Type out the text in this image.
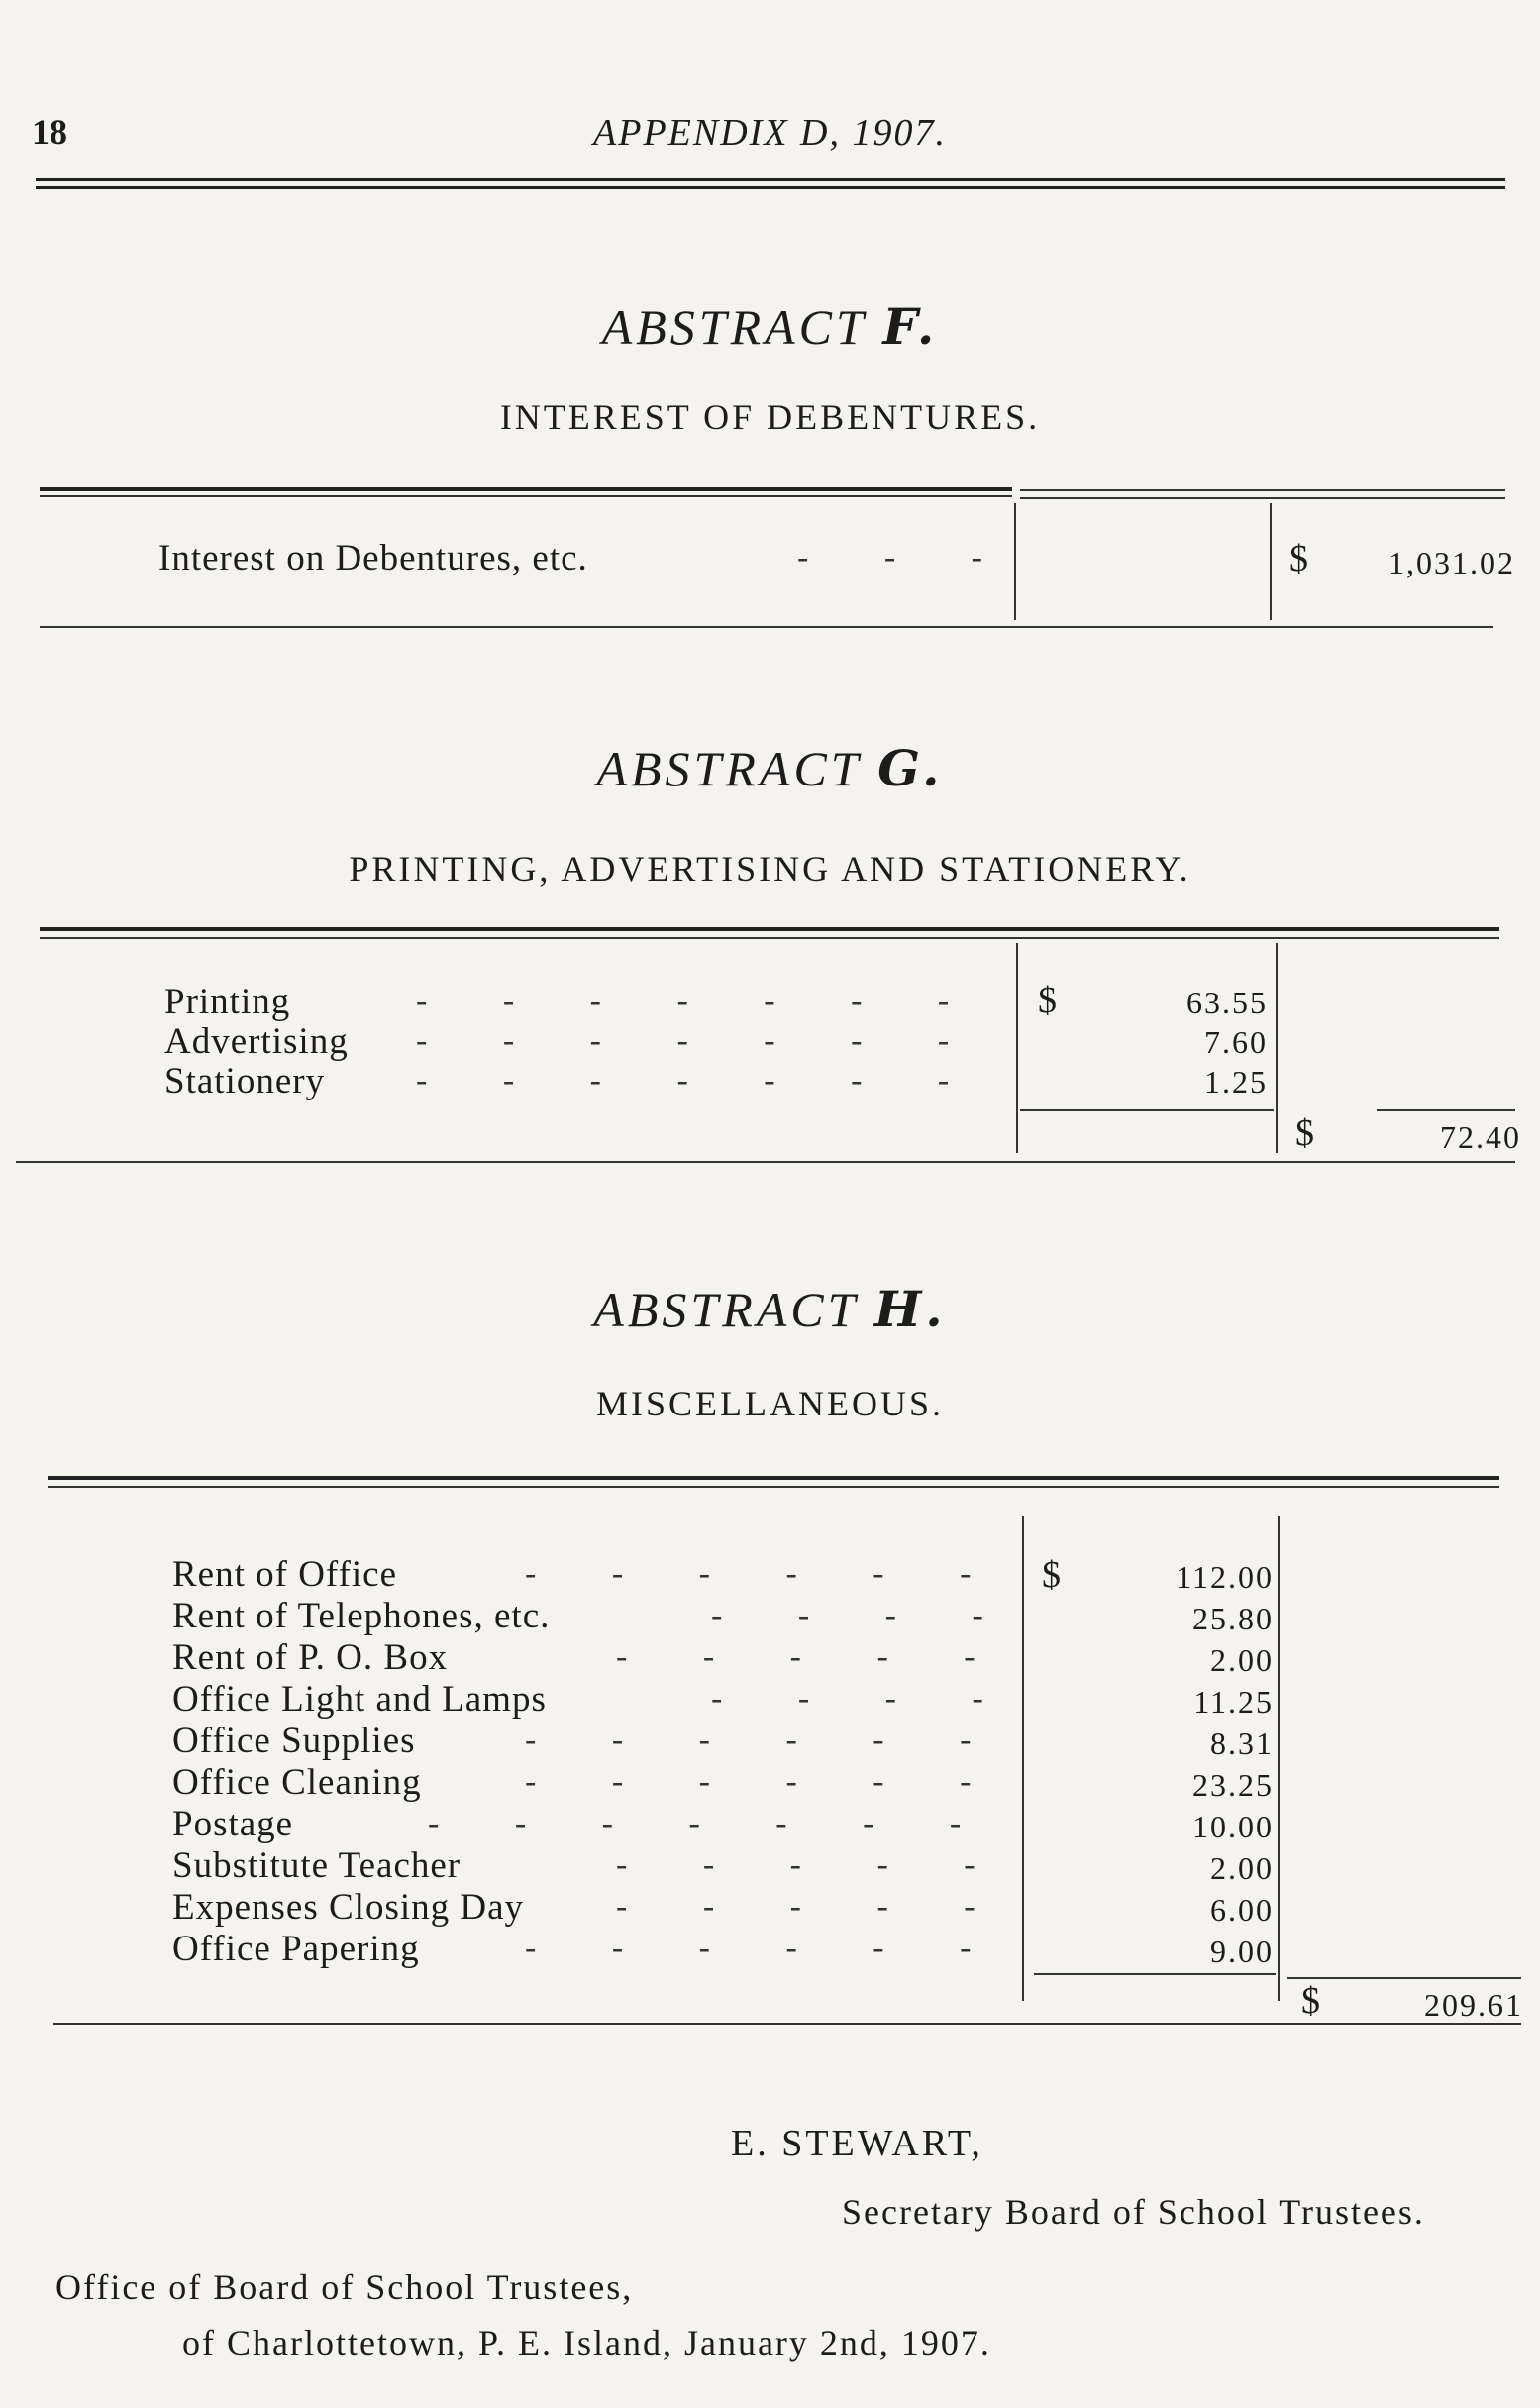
18	APPENDIX D, 1907.
ABSTRACT F.
INTEREST OF DEBENTURES.
Interest on Debentures, etc.	- - -	$	1,031.02
ABSTRACT G.
PRINTING, ADVERTISING AND STATIONERY.
Printing	- - - - - - - $	63.55
Advertising - - - - - - -	7.60
Stationery	- - - - - - -	1.25
$	72.40
ABSTRACT H.
MISCELLANEOUS.
$
Rent of Office	- - - - - -	112.00
Rent of Telephones, etc.	- - - -	25.80
Rent of P. O. Box	- - - - -	2.00
Office Light and Lamps	- - - -	11.25
Office Supplies	- - - - - -	8.31
Office Cleaning	- - - - - -	23.25
Postage	- - - - - - -	10.00
Substitute Teacher	- - - - -	2.00
Expenses Closing Day	- - - - -	6.00
Office Papering	- - - - - -	9.00
$	209.61
E. STEWART,
Secretary Board of School Trustees.
Office of Board of School Trustees,
of Charlottetown, P. E. Island, January 2nd, 1907.
